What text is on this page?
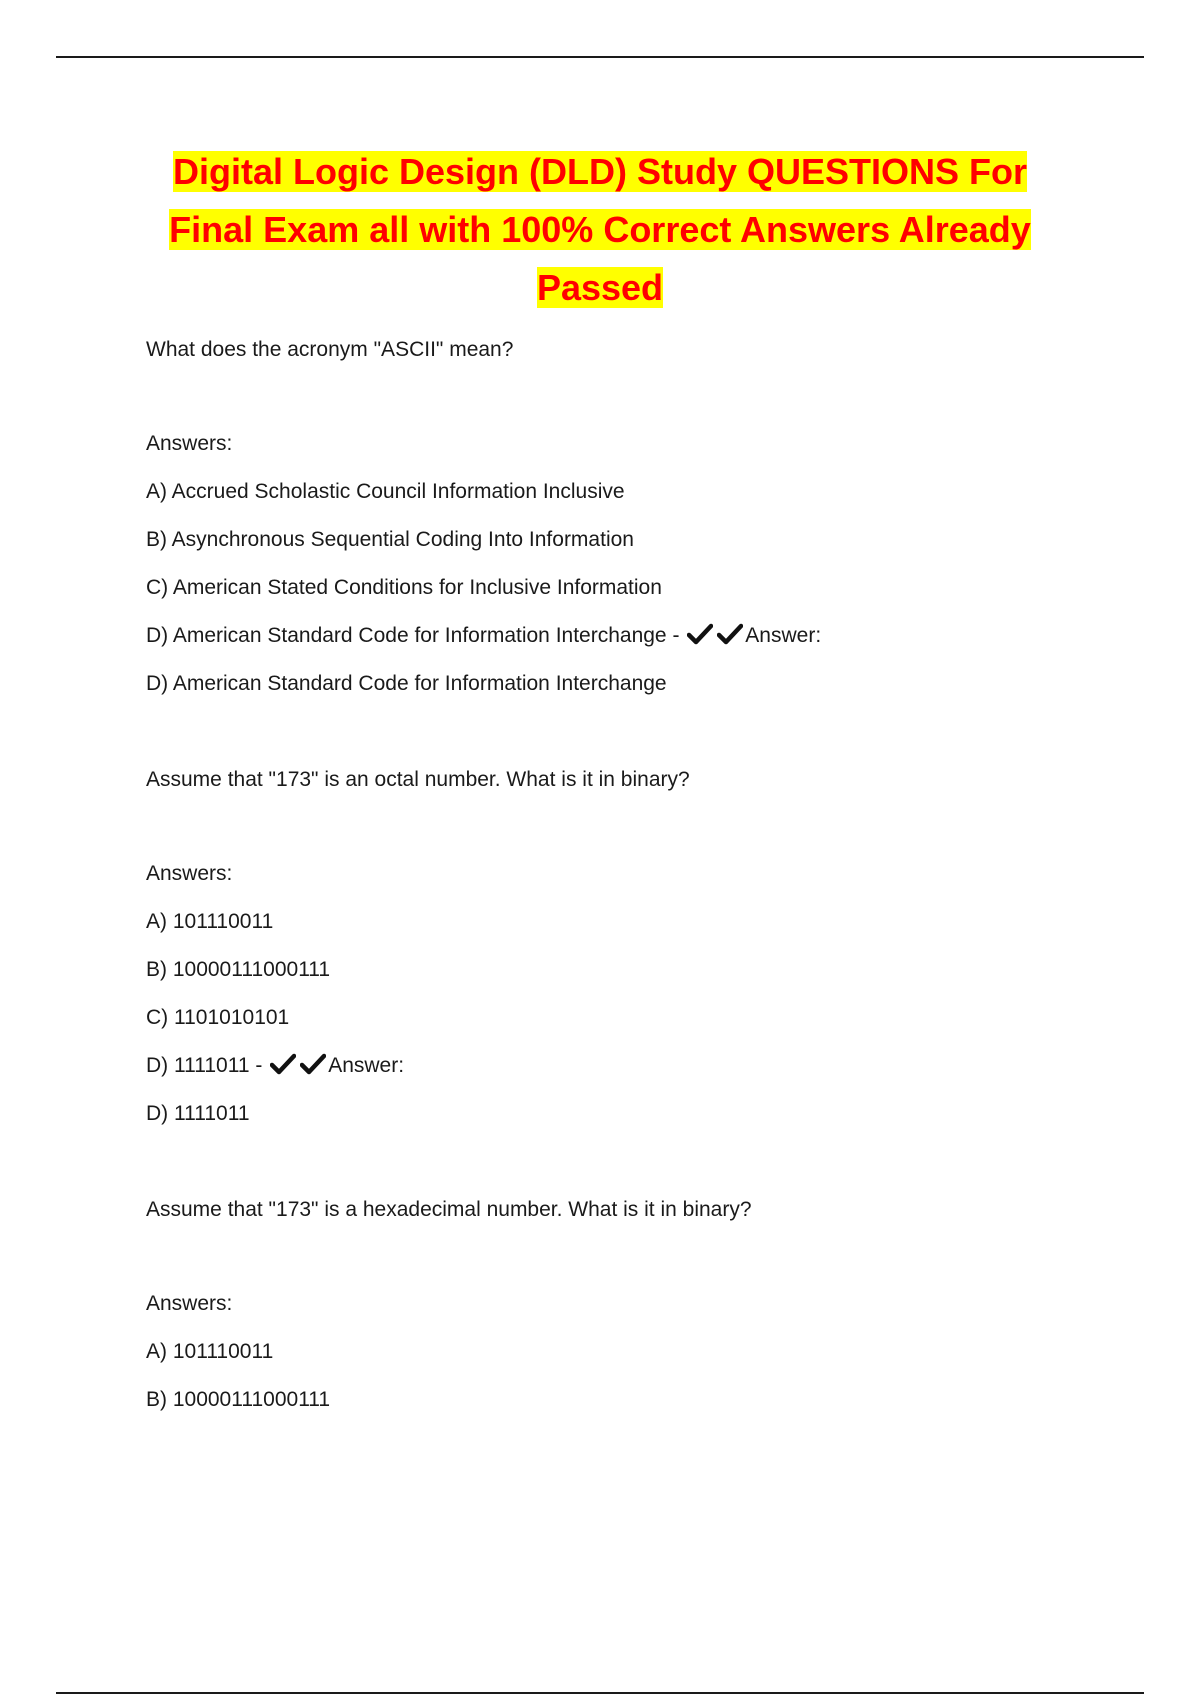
Digital Logic Design (DLD) Study QUESTIONS For
Final Exam all with 100% Correct Answers Already
Passed

What does the acronym "ASCII" mean?

Answers:

A) Accrued Scholastic Council Information Inclusive

B) Asynchronous Sequential Coding Into Information

C) American Stated Conditions for Inclusive Information

D) American Standard Code for Information Interchange -	Answer:

D) American Standard Code for Information Interchange

Assume that "173" is an octal number. What is it in binary?

Answers:

A) 101110011

B) 10000111000111

C) 1101010101

D) 1111011 -	Answer:

D) 1111011

Assume that "173" is a hexadecimal number. What is it in binary?

Answers:

A) 101110011

B) 10000111000111
